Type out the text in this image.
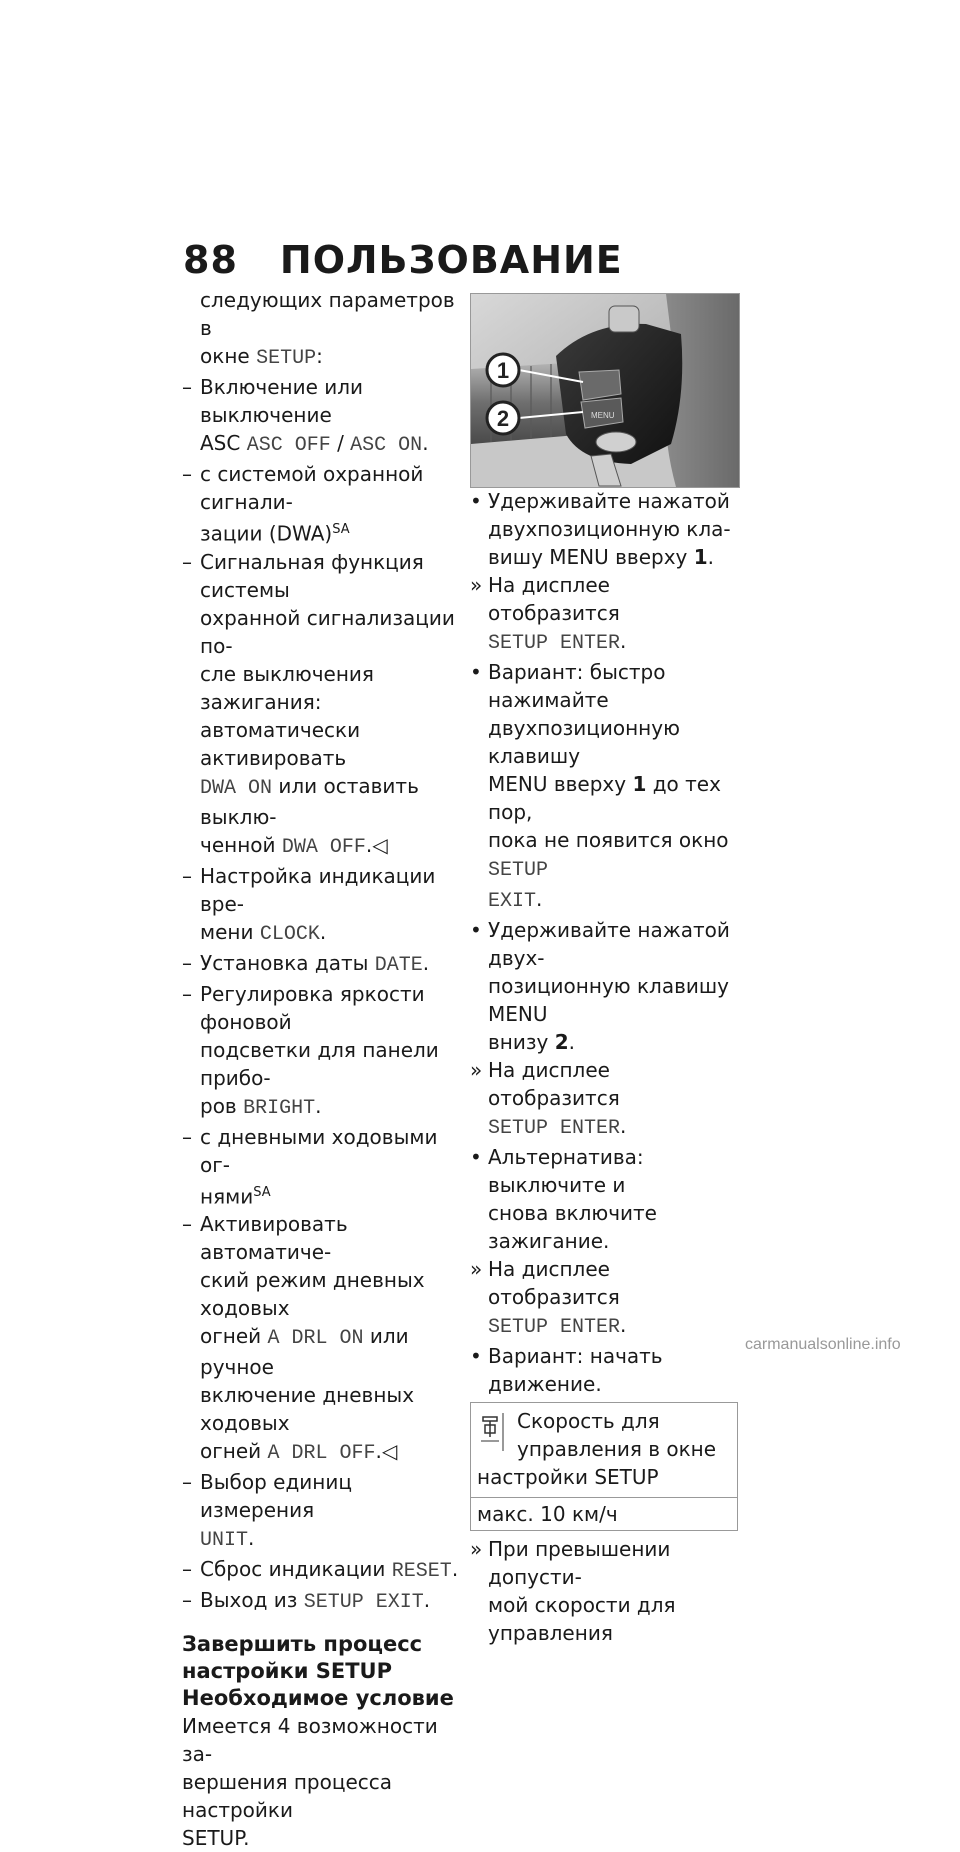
88 ПОЛЬЗОВАНИЕ
следующих параметров в
окне SETUP:
– Включение или выключение
ASC ASC OFF / ASC ON.
– с системой охранной сигнали-
зации (DWA)$^{SA}$
– Сигнальная функция системы
охранной сигнализации по-
сле выключения зажигания:
автоматически активировать
DWA ON или оставить выклю-
ченной DWA OFF.◁
– Настройка индикации вре-
мени CLOCK.
– Установка даты DATE.
– Регулировка яркости фоновой
подсветки для панели прибо-
ров BRIGHT.
– с дневными ходовыми ог-
нями$^{SA}$
– Активировать автоматиче-
ский режим дневных ходовых
огней A DRL ON или ручное
включение дневных ходовых
огней A DRL OFF.◁
– Выбор единиц измерения
UNIT.
– Сброс индикации RESET.
– Выход из SETUP EXIT.
Завершить процесс
настройки SETUP
Необходимое условие
Имеется 4 возможности за-
вершения процесса настройки
SETUP.
MENU
1
2
• Удерживайте нажатой
двухпозиционную кла-
вишу MENU вверху 1.
» На дисплее отобразится
SETUP ENTER.
• Вариант: быстро нажимайте
двухпозиционную клавишу
MENU вверху 1 до тех пор,
пока не появится окно SETUP
EXIT.
• Удерживайте нажатой двух-
позиционную клавишу MENU
внизу 2.
» На дисплее отобразится
SETUP ENTER.
• Альтернатива: выключите и
снова включите зажигание.
» На дисплее отобразится
SETUP ENTER.
• Вариант: начать движение.
Скорость для
управления в окне
настройки SETUP
макс. 10 км/ч
» При превышении допусти-
мой скорости для управления
carmanualsonline.info
